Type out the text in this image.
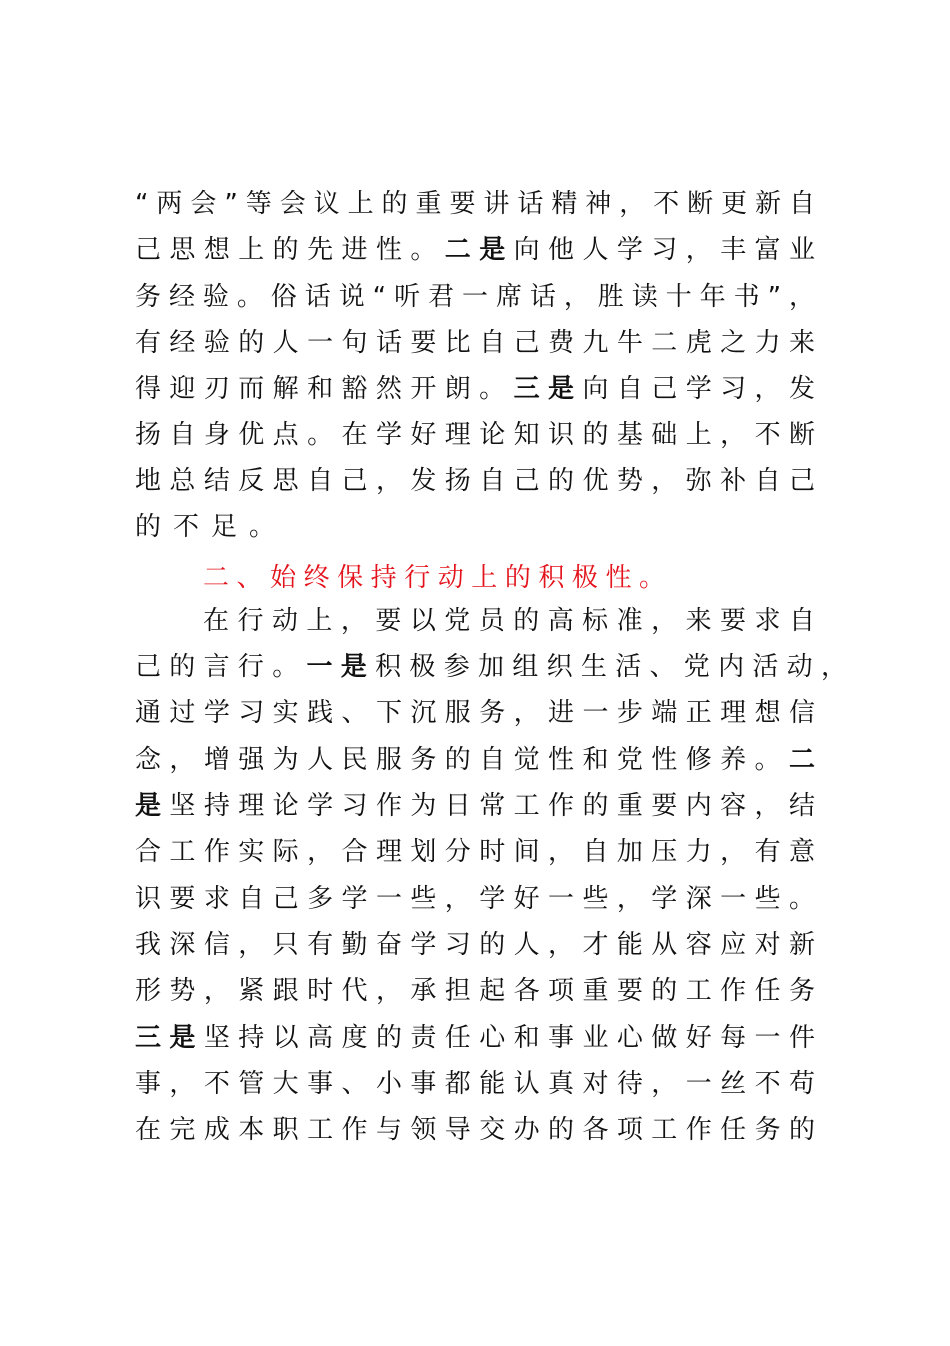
“两会”等会议上的重要讲话精神，不断更新自

己思想上的先进性。二是向他人学习，丰富业

务经验。俗话说“听君一席话，胜读十年书”，

有经验的人一句话要比自己费九牛二虎之力来

得迎刃而解和豁然开朗。三是向自己学习，发

扬自身优点。在学好理论知识的基础上，不断

地总结反思自己，发扬自己的优势，弥补自己

的不足。

二、始终保持行动上的积极性。

在行动上，要以党员的高标准，来要求自

己的言行。一是积极参加组织生活、党内活动，

通过学习实践、下沉服务，进一步端正理想信

念，增强为人民服务的自觉性和党性修养。二

是坚持理论学习作为日常工作的重要内容，结

合工作实际，合理划分时间，自加压力，有意

识要求自己多学一些，学好一些，学深一些。

我深信，只有勤奋学习的人，才能从容应对新

形势，紧跟时代，承担起各项重要的工作任务

三是坚持以高度的责任心和事业心做好每一件

事，不管大事、小事都能认真对待，一丝不苟

在完成本职工作与领导交办的各项工作任务的
